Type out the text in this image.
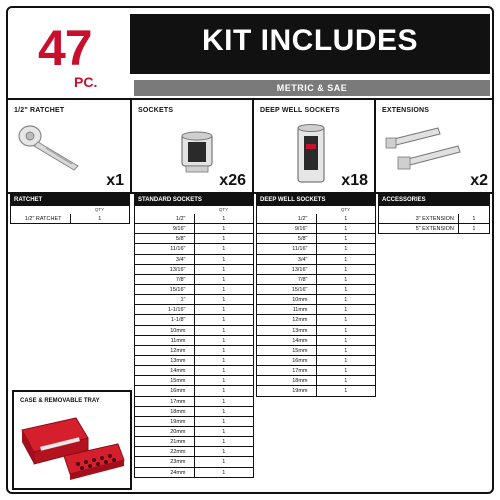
47
PC.
KIT INCLUDES
METRIC & SAE
1/2" RATCHET
x1
SOCKETS
x26
DEEP WELL SOCKETS
x18
EXTENSIONS
x2
RATCHET
QTY
1/2" RATCHET	1
STANDARD SOCKETS
QTY
1/2"	1
9/16"	1
5/8"	1
11/16"	1
3/4"	1
13/16"	1
7/8"	1
15/16"	1
1"	1
1-1/16"	1
1-1/8"	1
10mm	1
11mm	1
12mm	1
13mm	1
14mm	1
15mm	1
16mm	1
17mm	1
18mm	1
19mm	1
20mm	1
21mm	1
22mm	1
23mm	1
24mm	1
DEEP WELL SOCKETS
QTY
1/2"	1
9/16"	1
5/8"	1
11/16"	1
3/4"	1
13/16"	1
7/8"	1
15/16"	1
10mm	1
11mm	1
12mm	1
13mm	1
14mm	1
15mm	1
16mm	1
17mm	1
18mm	1
19mm	1
ACCESSORIES
3" EXTENSION	1
5" EXTENSION	1
CASE & REMOVABLE TRAY
